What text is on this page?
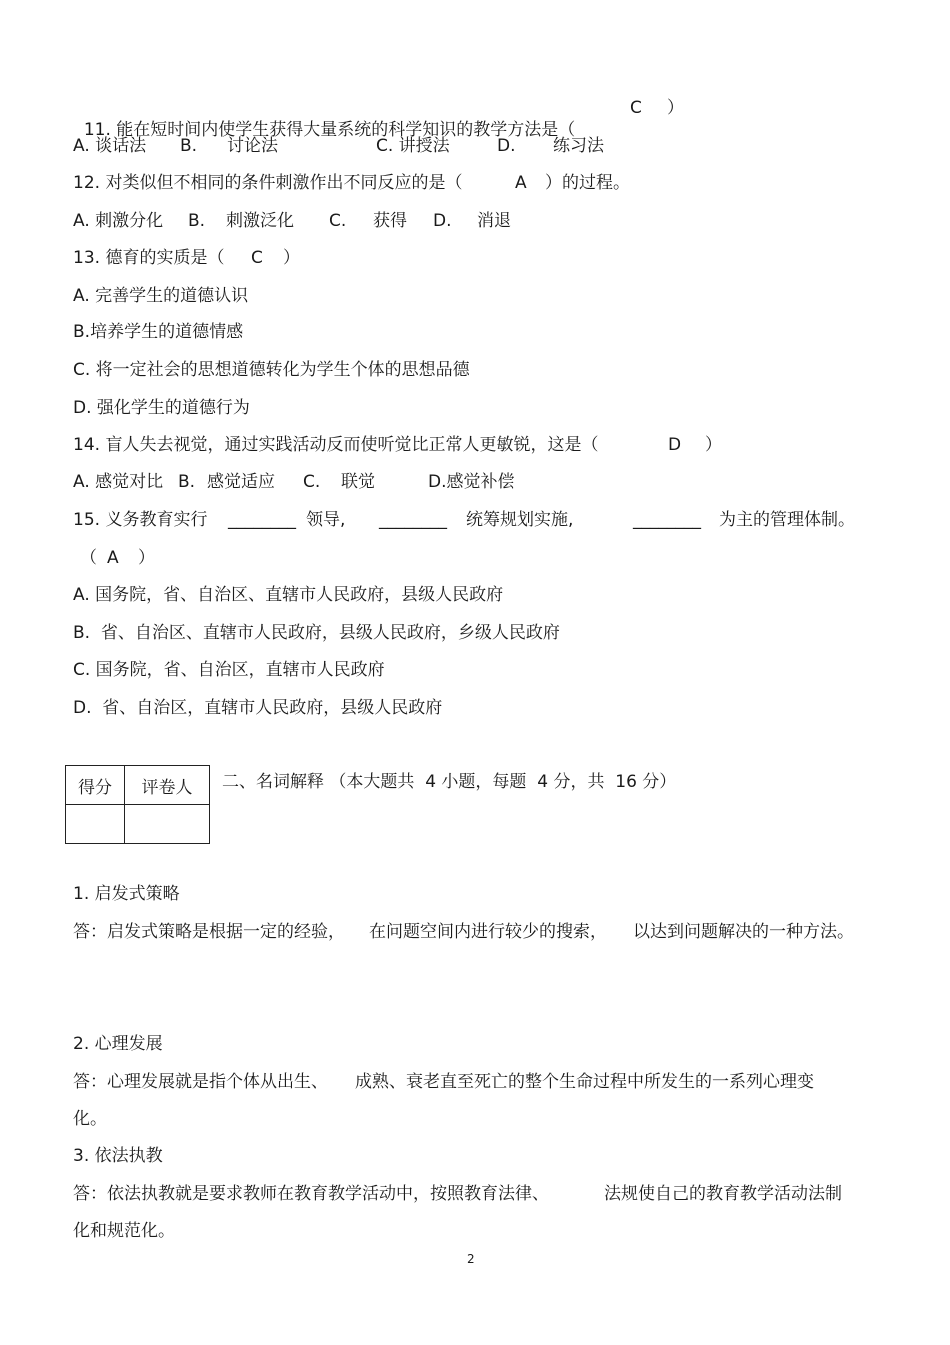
11. 能在短时间内使学生获得大量系统的科学知识的教学方法是（

C ）
A. 谈话法 B. 讨论法	C. 讲授法	D. 练习法
12. 对类似但不相同的条件刺激作出不同反应的是（	A ）的过程。
A. 刺激分化 B. 刺激泛化 C. 获得 D. 消退
13. 德育的实质是（ C ）
A. 完善学生的道德认识
B.培养学生的道德情感
C. 将一定社会的思想道德转化为学生个体的思想品德
D. 强化学生的道德行为
14. 盲人失去视觉，通过实践活动反而使听觉比正常人更敏锐，这是（	D ）
A. 感觉对比 B. 感觉适应 C. 联觉	D.感觉补偿
15. 义务教育实行 ________ 领导, ________ 统筹规划实施,	________ 为主的管理体制。
（ A ）
A. 国务院，省、自治区、直辖市人民政府，县级人民政府
B.  省、自治区、直辖市人民政府，县级人民政府，乡级人民政府
C. 国务院，省、自治区，直辖市人民政府
D.  省、自治区，直辖市人民政府，县级人民政府
得分	评卷人
	二、名词解释 （本大题共  4 小题，每题  4 分，共  16 分）
1. 启发式策略
答：启发式策略是根据一定的经验， 在问题空间内进行较少的搜索， 以达到问题解决的一种方法。
2. 心理发展
答：心理发展就是指个体从出生、 成熟、衰老直至死亡的整个生命过程中所发生的一系列心理变
化。
3. 依法执教
答：依法执教就是要求教师在教育教学活动中，按照教育法律、	法规使自己的教育教学活动法制
化和规范化。
2
